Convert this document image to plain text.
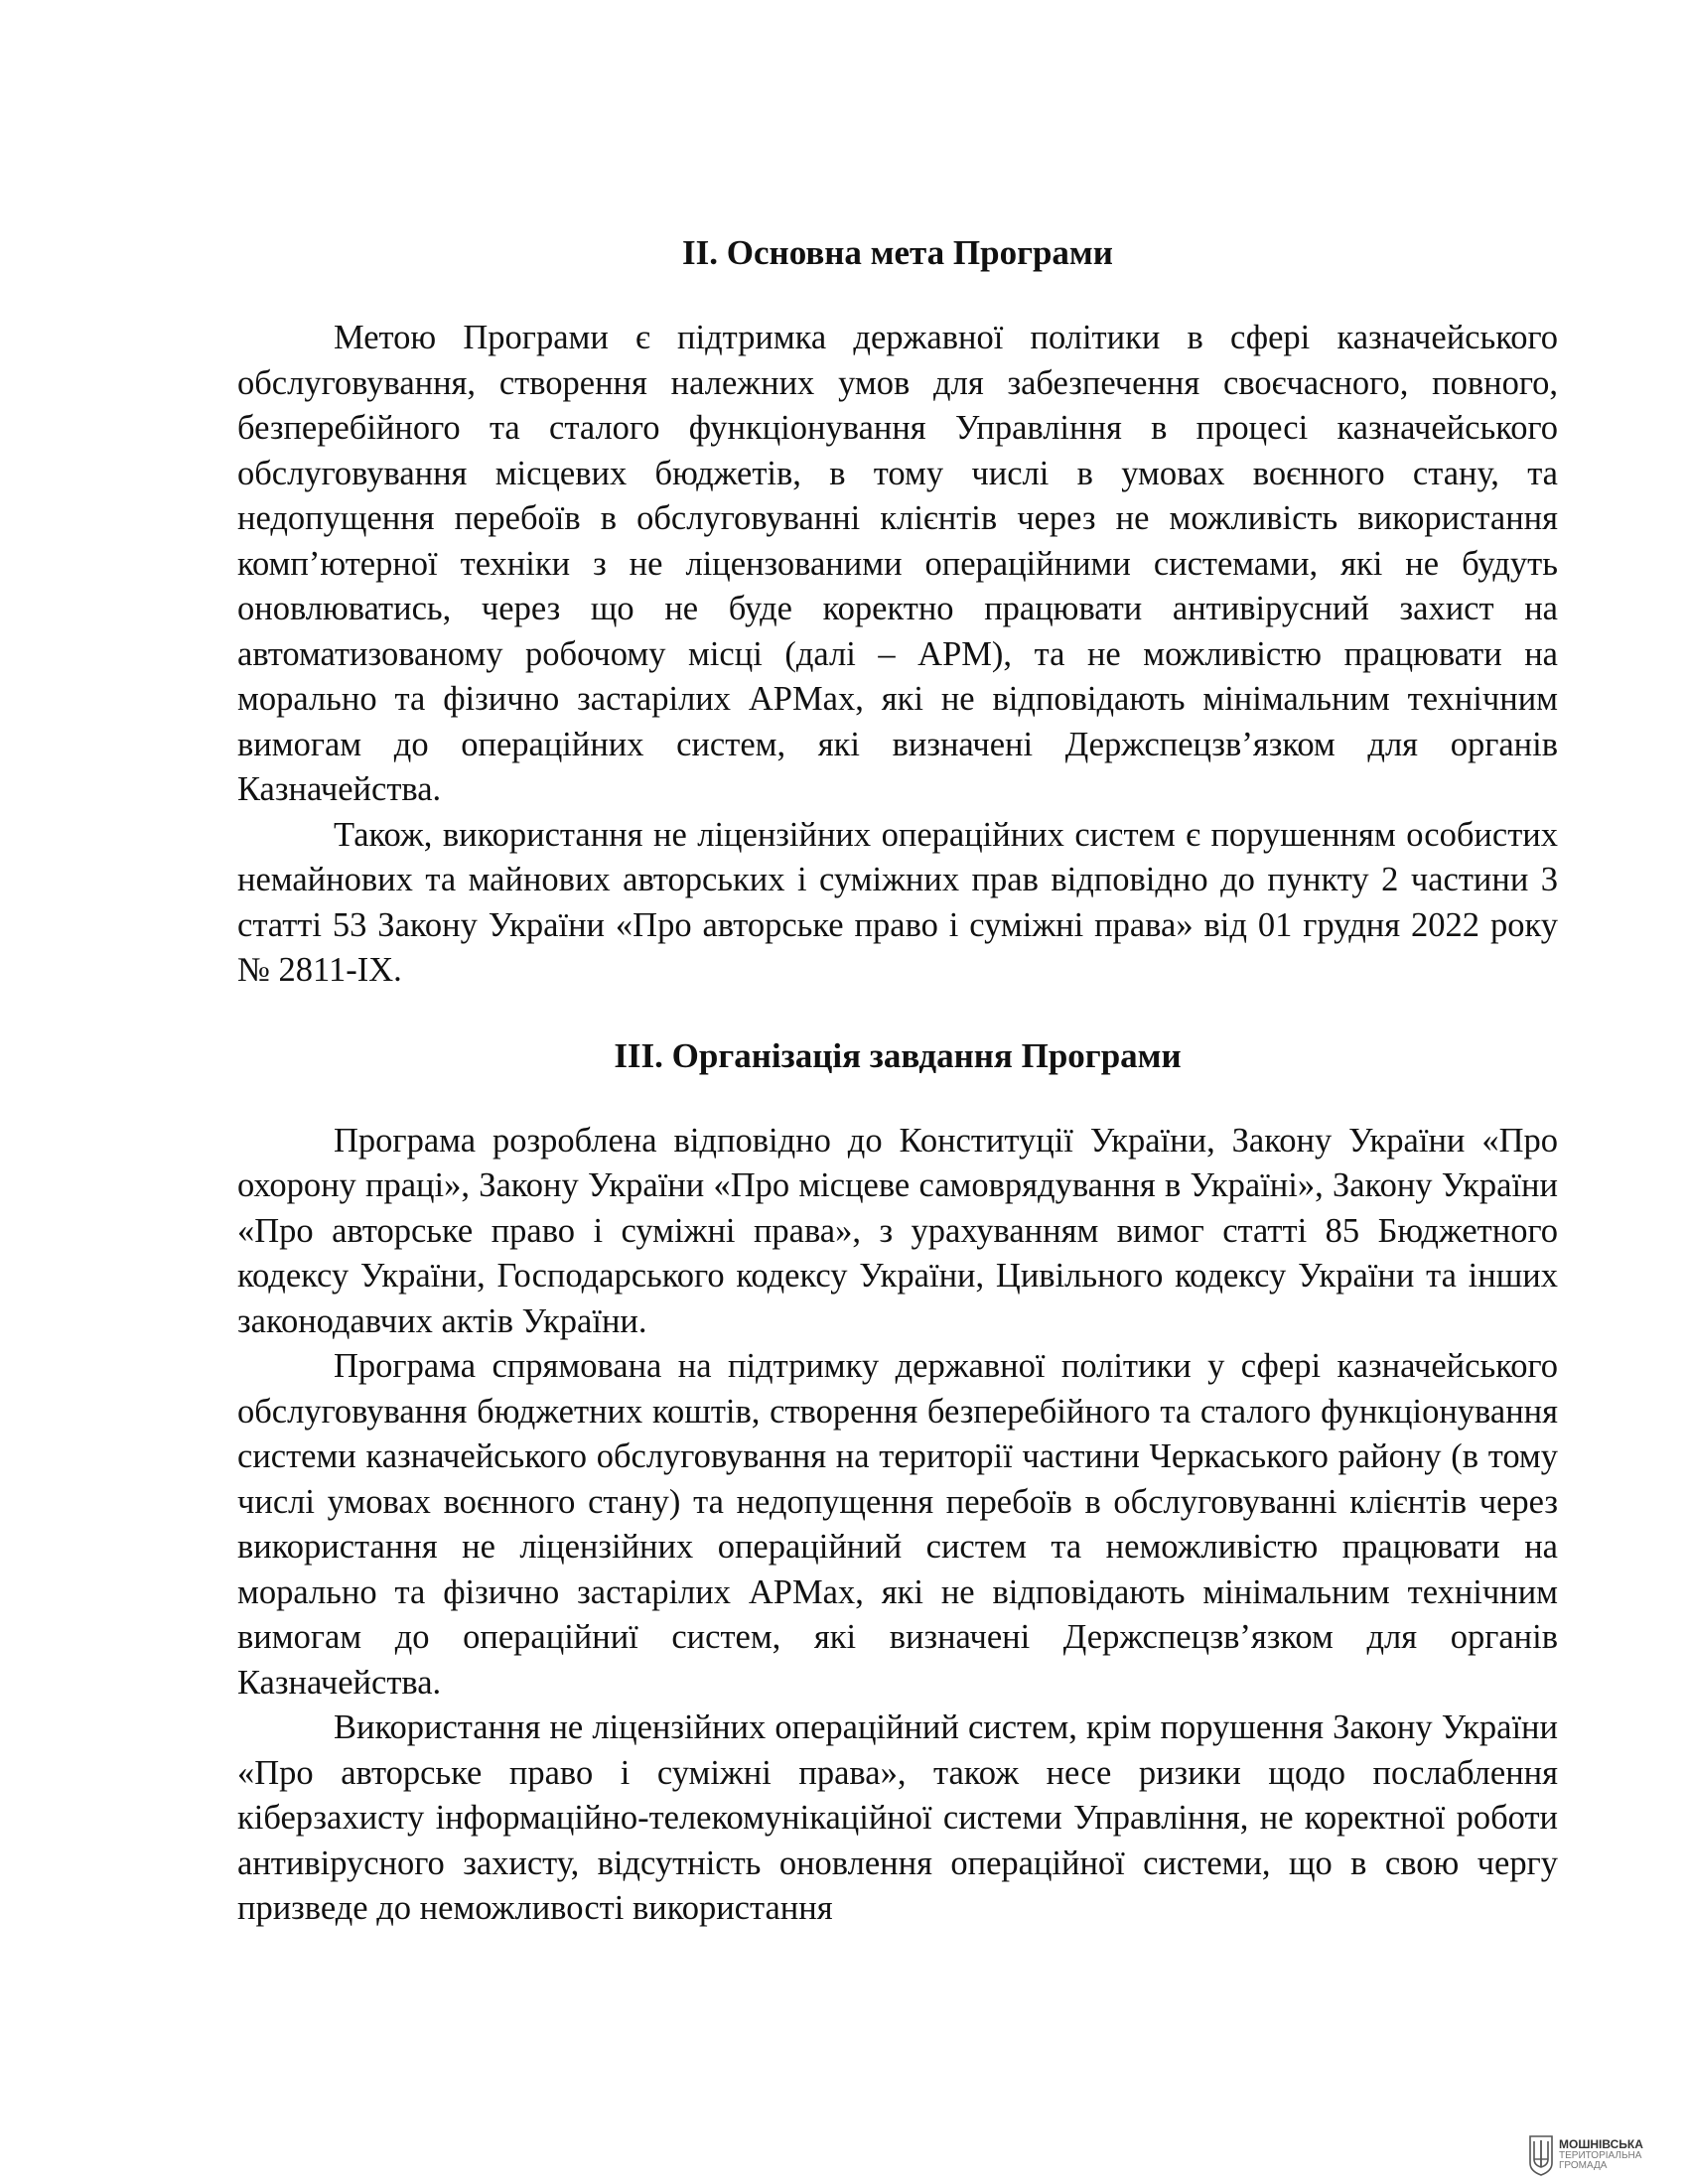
ІІ. Основна мета Програми

Метою Програми є підтримка державної політики в сфері казначейського обслуговування, створення належних умов для забезпечення своєчасного, повного, безперебійного та сталого функціонування Управління в процесі казначейського обслуговування місцевих бюджетів, в тому числі в умовах воєнного стану, та недопущення перебоїв в обслуговуванні клієнтів через не можливість використання комп’ютерної техніки з не ліцензованими операційними системами, які не будуть оновлюватись, через що не буде коректно працювати антивірусний захист на автоматизованому робочому місці (далі – АРМ), та не можливістю працювати на морально та фізично застарілих АРМах, які не відповідають мінімальним технічним вимогам до операційних систем, які визначені Держспецзв’язком для органів Казначейства.

Також, використання не ліцензійних операційних систем є порушенням особистих немайнових та майнових авторських і суміжних прав відповідно до пункту 2 частини 3 статті 53 Закону України «Про авторське право і суміжні права» від 01 грудня 2022 року № 2811-IX.

ІІІ. Організація завдання Програми

Програма розроблена відповідно до Конституції України, Закону України «Про охорону праці», Закону України «Про місцеве самоврядування в Україні», Закону України «Про авторське право і суміжні права», з урахуванням вимог статті 85 Бюджетного кодексу України, Господарського кодексу України, Цивільного кодексу України та інших законодавчих актів України.

Програма спрямована на підтримку державної політики у сфері казначейського обслуговування бюджетних коштів, створення безперебійного та сталого функціонування системи казначейського обслуговування на території частини Черкаського району (в тому числі умовах воєнного стану) та недопущення перебоїв в обслуговуванні клієнтів через використання не ліцензійних операційний систем та неможливістю працювати на морально та фізично застарілих АРМах, які не відповідають мінімальним технічним вимогам до операційниї систем, які визначені Держспецзв’язком для органів Казначейства.

Використання не ліцензійних операційний систем, крім порушення Закону України «Про авторське право і суміжні права», також несе ризики щодо послаблення кіберзахисту інформаційно-телекомунікаційної системи Управління, не коректної роботи антивірусного захисту, відсутність оновлення операційної системи, що в свою чергу призведе до неможливості використання

МОШНІВСЬКА
ТЕРИТОРІАЛЬНА
ГРОМАДА
